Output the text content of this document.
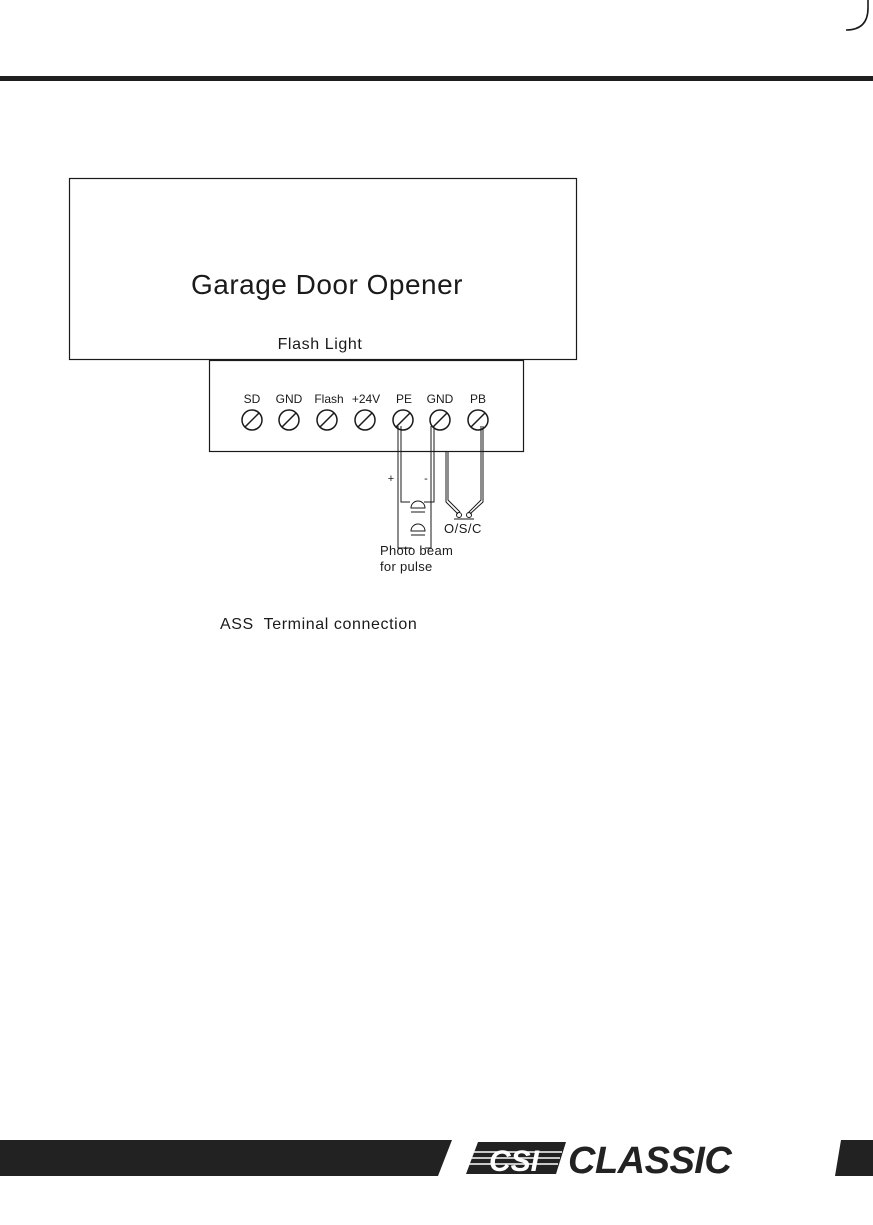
Garage Door Opener
Flash Light
SD GND Flash +24V PE GND PB
+	-
O/S/C
Photo beam
for pulse
ASS  Terminal connection
CSI CLASSIC
